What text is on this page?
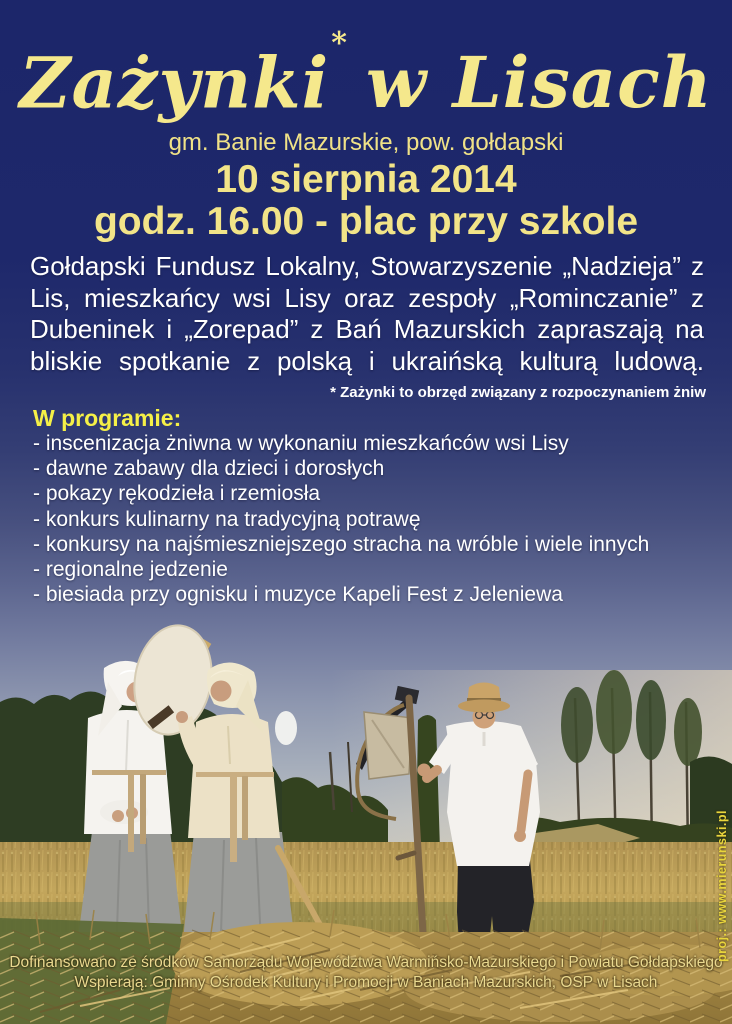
Zażynki* w Lisach
gm. Banie Mazurskie, pow. gołdapski
10 sierpnia 2014
godz. 16.00 - plac przy szkole

Gołdapski Fundusz Lokalny, Stowarzyszenie „Nadzieja” z Lis, mieszkańcy wsi Lisy oraz zespoły „Rominczanie” z Dubeninek i „Zorepad” z Bań Mazurskich zapraszają na bliskie spotkanie z polską i ukraińską kulturą ludową.

* Zażynki to obrzęd związany z rozpoczynaniem żniw
W programie:
- inscenizacja żniwna w wykonaniu mieszkańców wsi Lisy
- dawne zabawy dla dzieci i dorosłych
- pokazy rękodzieła i rzemiosła
- konkurs kulinarny na tradycyjną potrawę
- konkursy na najśmieszniejszego stracha na wróble i wiele innych
- regionalne jedzenie
- biesiada przy ognisku i muzyce Kapeli Fest z Jeleniewa
Dofinansowano ze środków Samorządu Województwa Warmińsko-Mazurskiego i Powiatu Gołdapskiego
Wspierają: Gminny Ośrodek Kultury i Promocji w Baniach Mazurskich, OSP w Lisach
proj.: www.mierunski.pl
